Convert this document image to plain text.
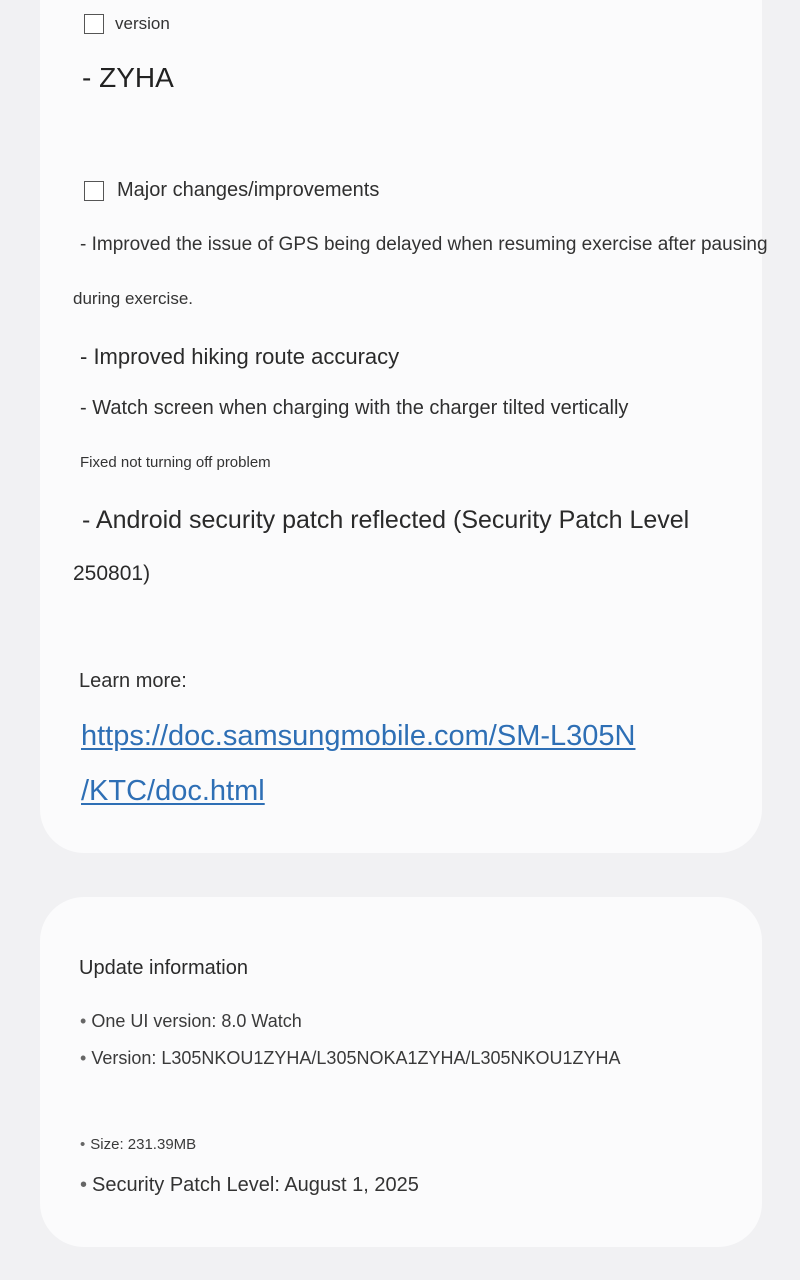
version
- ZYHA
Major changes/improvements
- Improved the issue of GPS being delayed when resuming exercise after pausing
during exercise.
- Improved hiking route accuracy
- Watch screen when charging with the charger tilted vertically
Fixed not turning off problem
- Android security patch reflected (Security Patch Level
250801)
Learn more:
https://doc.samsungmobile.com/SM-L305N
/KTC/doc.html
Update information
• One UI version: 8.0 Watch
• Version: L305NKOU1ZYHA/L305NOKA1ZYHA/L305NKOU1ZYHA
• Size: 231.39MB
• Security Patch Level: August 1, 2025
